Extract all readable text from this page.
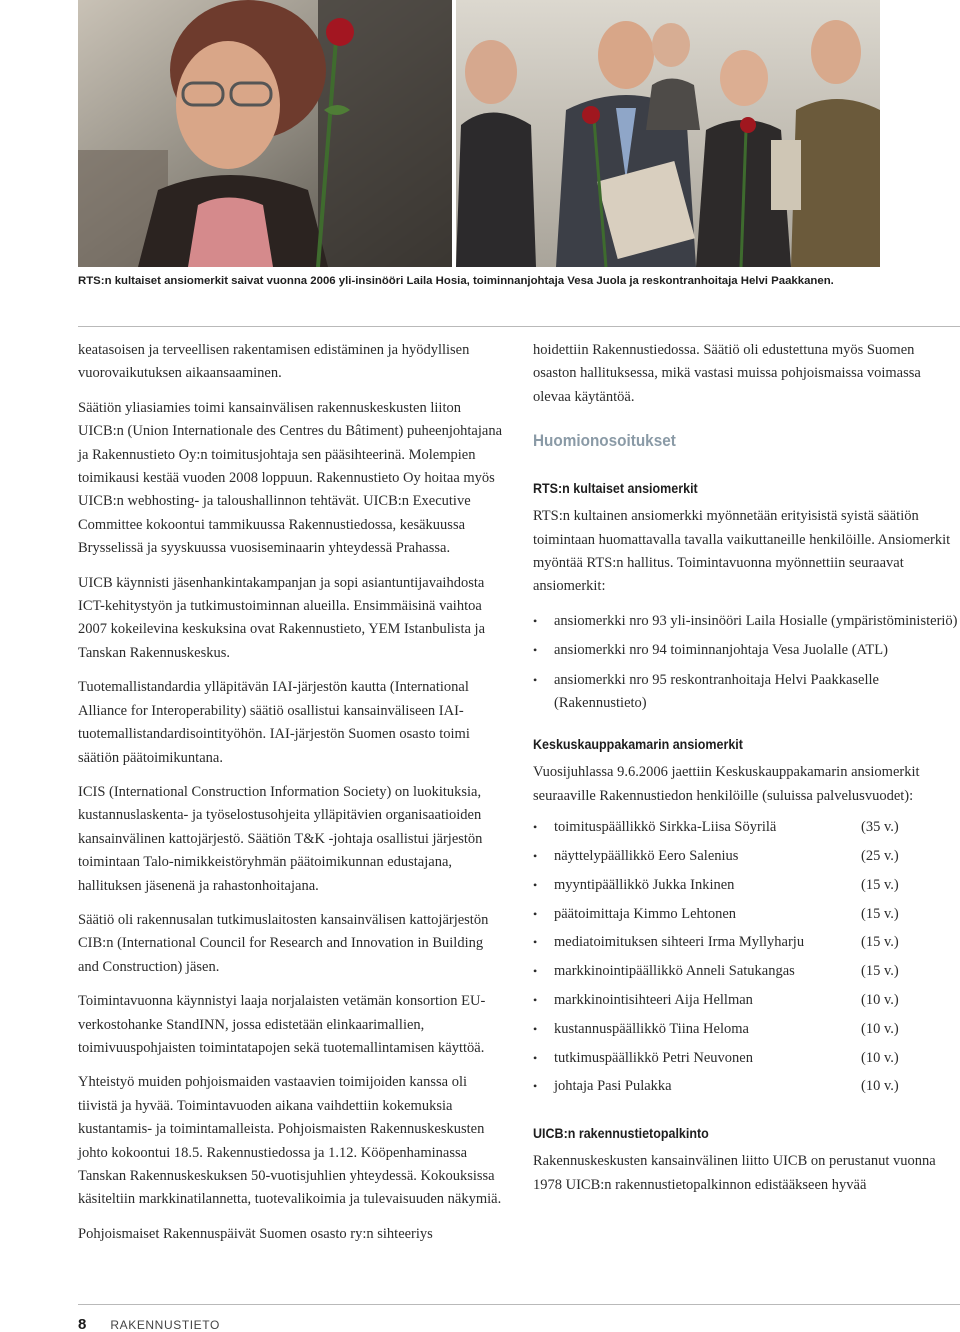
RTS:n kultaiset ansiomerkit saivat vuonna 2006 yli-insinööri Laila Hosia, toiminnanjohtaja Vesa Juola ja reskontranhoitaja Helvi Paakkanen.

keatasoisen ja terveellisen rakentamisen edistäminen ja hyödyllisen vuorovaikutuksen aikaansaaminen.

Säätiön yliasiamies toimi kansainvälisen rakennuskeskusten liiton UICB:n (Union Internationale des Centres du Bâtiment) puheenjohtajana ja Rakennustieto Oy:n toimitusjohtaja sen pääsihteerinä. Molempien toimikausi kestää vuoden 2008 loppuun. Rakennustieto Oy hoitaa myös UICB:n webhosting- ja taloushallinnon tehtävät. UICB:n Executive Committee kokoontui tammikuussa Rakennustiedossa, kesäkuussa Brysselissä ja syyskuussa vuosiseminaarin yhteydessä Prahassa.

UICB käynnisti jäsenhankintakampanjan ja sopi asiantuntijavaihdosta ICT-kehitystyön ja tutkimustoiminnan alueilla. Ensimmäisinä vaihtoa 2007 kokeilevina keskuksina ovat Rakennustieto, YEM Istanbulista ja Tanskan Rakennuskeskus.

Tuotemallistandardia ylläpitävän IAI-järjestön kautta (International Alliance for Interoperability) säätiö osallistui kansainväliseen IAI-tuotemallistandardisointityöhön. IAI-järjestön Suomen osasto toimi säätiön päätoimikuntana.

ICIS (International Construction Information Society) on luokituksia, kustannuslaskenta- ja työselostusohjeita ylläpitävien organisaatioiden kansainvälinen kattojärjestö. Säätiön T&K -johtaja osallistui järjestön toimintaan Talo-nimikkeistöryhmän päätoimikunnan edustajana, hallituksen jäsenenä ja rahastonhoitajana.

Säätiö oli rakennusalan tutkimuslaitosten kansainvälisen kattojärjestön CIB:n (International Council for Research and Innovation in Building and Construction) jäsen.

Toimintavuonna käynnistyi laaja norjalaisten vetämän konsortion EU-verkostohanke StandINN, jossa edistetään elinkaarimallien, toimivuuspohjaisten toimintatapojen sekä tuotemallintamisen käyttöä.

Yhteistyö muiden pohjoismaiden vastaavien toimijoiden kanssa oli tiivistä ja hyvää. Toimintavuoden aikana vaihdettiin kokemuksia kustantamis- ja toimintamalleista. Pohjoismaisten Rakennuskeskusten johto kokoontui 18.5. Rakennustiedossa ja 1.12. Kööpenhaminassa Tanskan Rakennuskeskuksen 50-vuotisjuhlien yhteydessä. Kokouksissa käsiteltiin markkinatilannetta, tuotevalikoimia ja tulevaisuuden näkymiä.

Pohjoismaiset Rakennuspäivät Suomen osasto ry:n sihteeriys

hoidettiin Rakennustiedossa. Säätiö oli edustettuna myös Suomen osaston hallituksessa, mikä vastasi muissa pohjoismaissa voimassa olevaa käytäntöä.

Huomionosoitukset
RTS:n kultaiset ansiomerkit

RTS:n kultainen ansiomerkki myönnetään erityisistä syistä säätiön toimintaan huomattavalla tavalla vaikuttaneille henkilöille. Ansiomerkit myöntää RTS:n hallitus. Toimintavuonna myönnettiin seuraavat ansiomerkit:

• ansiomerkki nro 93 yli-insinööri Laila Hosialle (ympäristöministeriö)
• ansiomerkki nro 94 toiminnanjohtaja Vesa Juolalle (ATL)
• ansiomerkki nro 95 reskontranhoitaja Helvi Paakkaselle (Rakennustieto)
Keskuskauppakamarin ansiomerkit

Vuosijuhlassa 9.6.2006 jaettiin Keskuskauppakamarin ansiomerkit seuraaville Rakennustiedon henkilöille (suluissa palvelusvuodet):

• toimituspäällikkö Sirkka-Liisa Söyrilä	(35 v.)
• näyttelypäällikkö Eero Salenius	(25 v.)
• myyntipäällikkö Jukka Inkinen	(15 v.)
• päätoimittaja Kimmo Lehtonen	(15 v.)
• mediatoimituksen sihteeri Irma Myllyharju	(15 v.)
• markkinointipäällikkö Anneli Satukangas	(15 v.)
• markkinointisihteeri Aija Hellman	(10 v.)
• kustannuspäällikkö Tiina Heloma	(10 v.)
• tutkimuspäällikkö Petri Neuvonen	(10 v.)
• johtaja Pasi Pulakka	(10 v.)
UICB:n rakennustietopalkinto

Rakennuskeskusten kansainvälinen liitto UICB on perustanut vuonna 1978 UICB:n rakennustietopalkinnon edistääkseen hyvää

8 RAKENNUSTIETO
